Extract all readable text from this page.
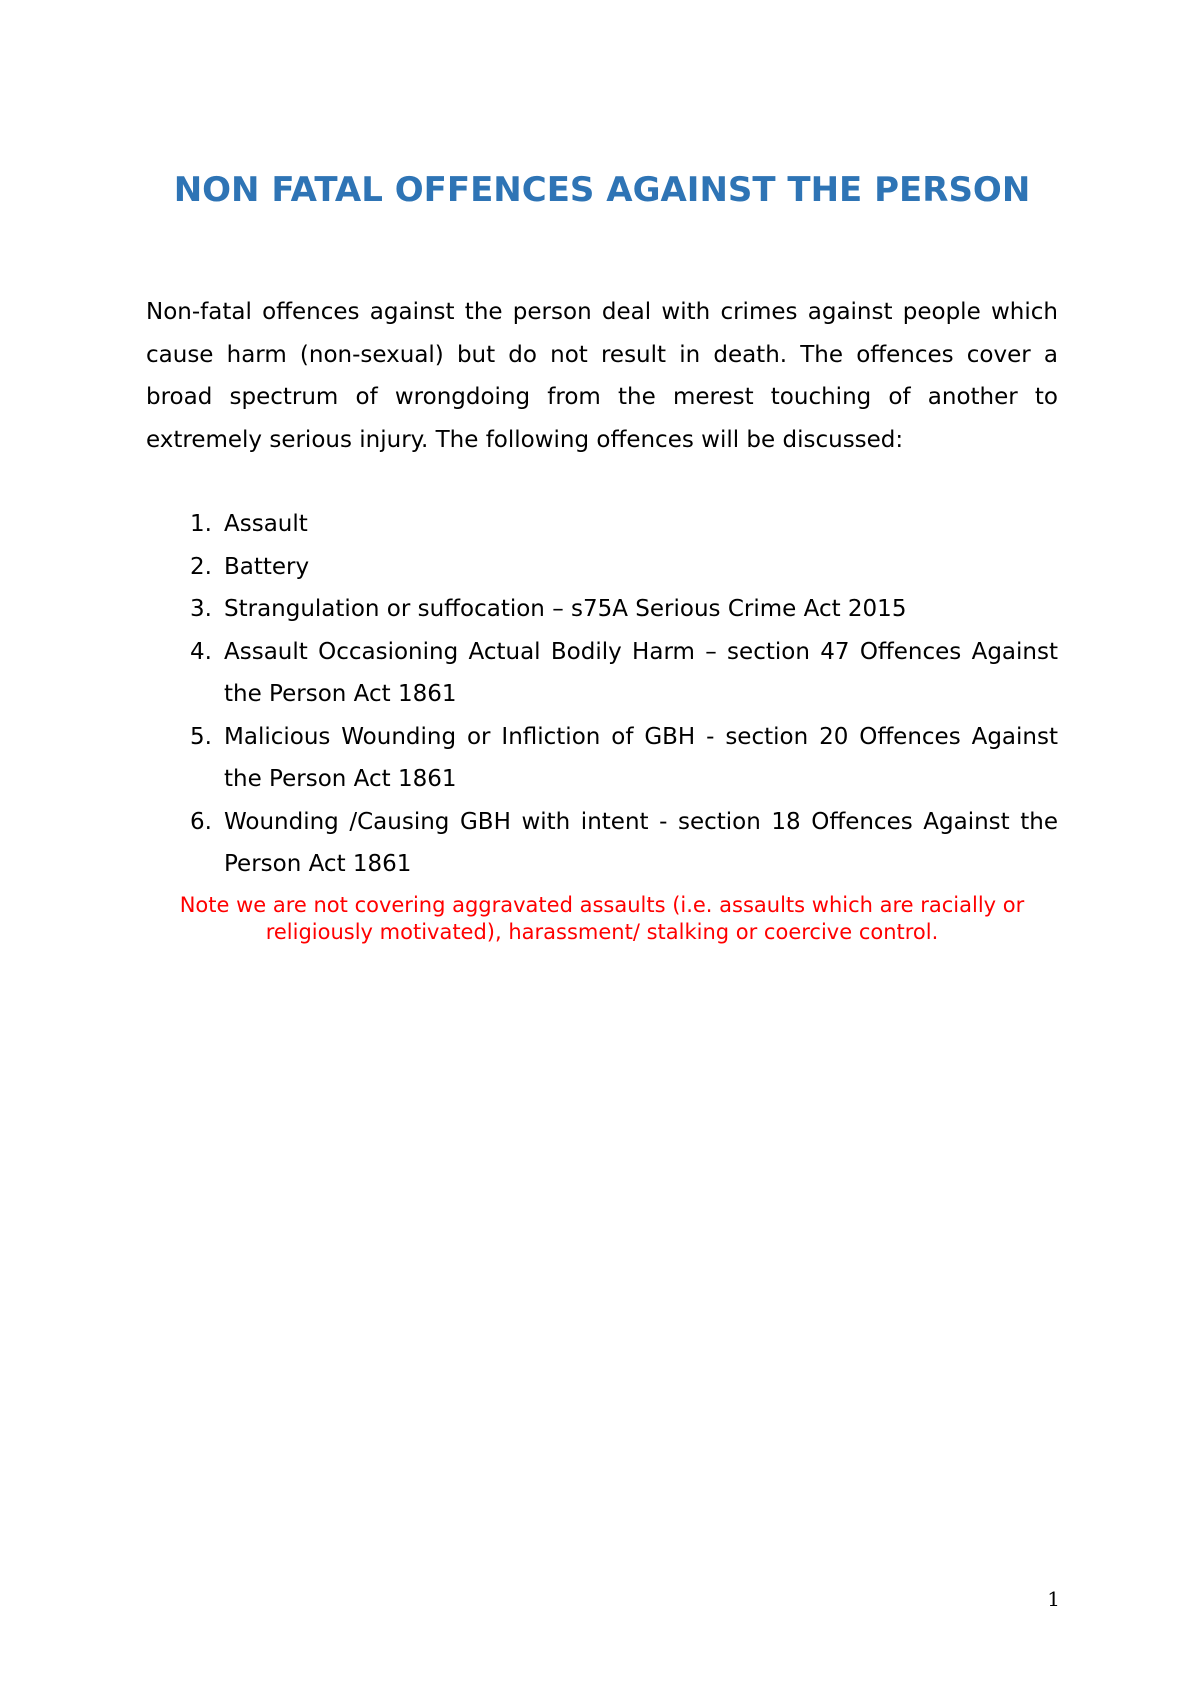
NON FATAL OFFENCES AGAINST THE PERSON

Non-fatal offences against the person deal with crimes against people which cause harm (non-sexual) but do not result in death. The offences cover a broad spectrum of wrongdoing from the merest touching of another to extremely serious injury. The following offences will be discussed:

1. Assault
2. Battery
3. Strangulation or suffocation – s75A Serious Crime Act 2015
4. Assault Occasioning Actual Bodily Harm – section 47 Offences Against the Person Act 1861
5. Malicious Wounding or Infliction of GBH - section 20 Offences Against the Person Act 1861
6. Wounding /Causing GBH with intent - section 18 Offences Against the Person Act 1861

Note we are not covering aggravated assaults (i.e. assaults which are racially or religiously motivated), harassment/ stalking or coercive control.

1
